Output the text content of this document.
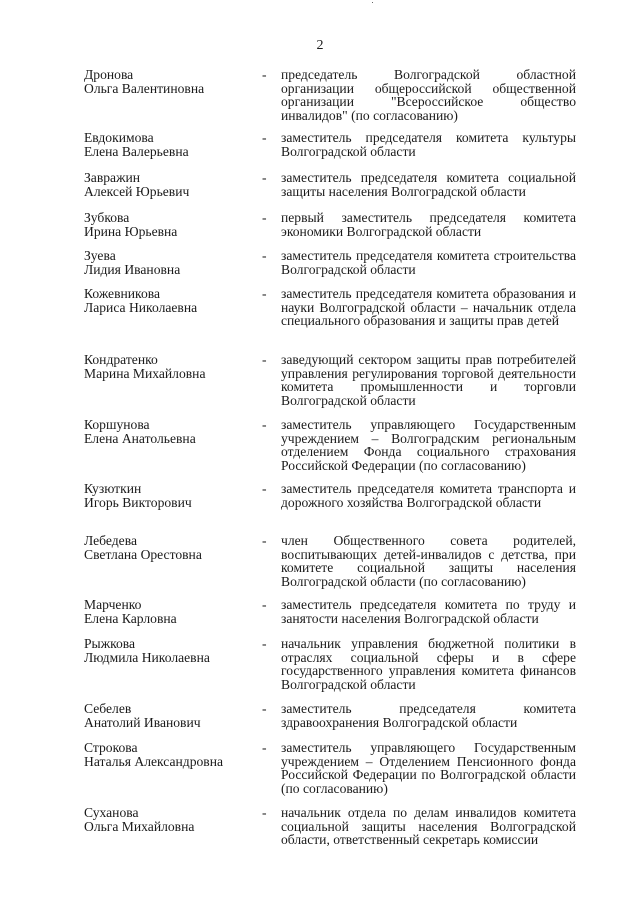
2
Дронова
Ольга Валентиновна
- председатель Волгоградской областной организации общероссийской общественной организации "Всероссийское общество инвалидов" (по согласованию)
Евдокимова
Елена Валерьевна
- заместитель председателя комитета культуры Волгоградской области
Завражин
Алексей Юрьевич
- заместитель председателя комитета социальной защиты населения Волгоградской области
Зубкова
Ирина Юрьевна
- первый заместитель председателя комитета экономики Волгоградской области
Зуева
Лидия Ивановна
- заместитель председателя комитета строительства Волгоградской области
Кожевникова
Лариса Николаевна
- заместитель председателя комитета образования и науки Волгоградской области – начальник отдела специального образования и защиты прав детей
Кондратенко
Марина Михайловна
- заведующий сектором защиты прав потребителей управления регулирования торговой деятельности комитета промышленности и торговли Волгоградской области
Коршунова
Елена Анатольевна
- заместитель управляющего Государственным учреждением – Волгоградским региональным отделением Фонда социального страхования Российской Федерации (по согласованию)
Кузюткин
Игорь Викторович
- заместитель председателя комитета транспорта и дорожного хозяйства Волгоградской области
Лебедева
Светлана Орестовна
- член Общественного совета родителей, воспитывающих детей-инвалидов с детства, при комитете социальной защиты населения Волгоградской области (по согласованию)
Марченко
Елена Карловна
- заместитель председателя комитета по труду и занятости населения Волгоградской области
Рыжкова
Людмила Николаевна
- начальник управления бюджетной политики в отраслях социальной сферы и в сфере государственного управления комитета финансов Волгоградской области
Себелев
Анатолий Иванович
- заместитель председателя комитета здравоохранения Волгоградской области
Строкова
Наталья Александровна
- заместитель управляющего Государственным учреждением – Отделением Пенсионного фонда Российской Федерации по Волгоградской области (по согласованию)
Суханова
Ольга Михайловна
- начальник отдела по делам инвалидов комитета социальной защиты населения Волгоградской области, ответственный секретарь комиссии
